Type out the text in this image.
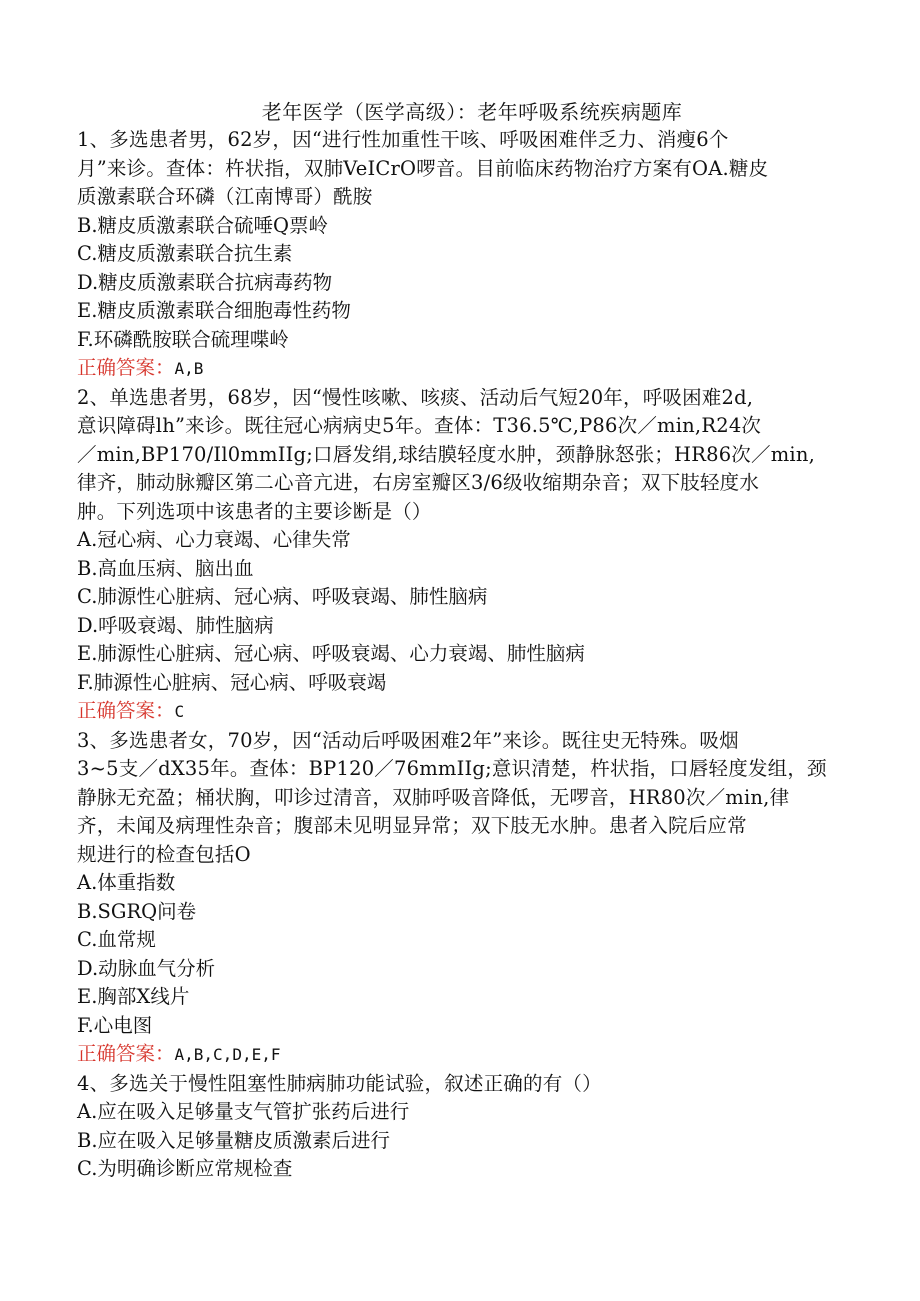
老年医学（医学高级）：老年呼吸系统疾病题库
1、多选患者男，62岁，因“进行性加重性干咳、呼吸困难伴乏力、消瘦6个
月”来诊。查体：杵状指，双肺VeICrO啰音。目前临床药物治疗方案有OA.糖皮
质激素联合环磷（江南博哥）酰胺
B.糖皮质激素联合硫唾Q票岭
C.糖皮质激素联合抗生素
D.糖皮质激素联合抗病毒药物
E.糖皮质激素联合细胞毒性药物
F.环磷酰胺联合硫理喋岭
正确答案：A,B
2、单选患者男，68岁，因“慢性咳嗽、咳痰、活动后气短20年，呼吸困难2d,
意识障碍lh”来诊。既往冠心病病史5年。查体：T36.5℃,P86次／min,R24次
／min,BP170/Il0mmIIg;口唇发绢,球结膜轻度水肿，颈静脉怒张；HR86次／min,
律齐，肺动脉瓣区第二心音亢进，右房室瓣区3/6级收缩期杂音；双下肢轻度水
肿。下列选项中该患者的主要诊断是（）
A.冠心病、心力衰竭、心律失常
B.高血压病、脑出血
C.肺源性心脏病、冠心病、呼吸衰竭、肺性脑病
D.呼吸衰竭、肺性脑病
E.肺源性心脏病、冠心病、呼吸衰竭、心力衰竭、肺性脑病
F.肺源性心脏病、冠心病、呼吸衰竭
正确答案：C
3、多选患者女，70岁，因“活动后呼吸困难2年”来诊。既往史无特殊。吸烟
3~5支／dX35年。查体：BP120／76mmIIg;意识清楚，杵状指，口唇轻度发组，颈
静脉无充盈；桶状胸，叩诊过清音，双肺呼吸音降低，无啰音，HR80次／min,律
齐，未闻及病理性杂音；腹部未见明显异常；双下肢无水肿。患者入院后应常
规进行的检查包括O
A.体重指数
B.SGRQ问卷
C.血常规
D.动脉血气分析
E.胸部X线片
F.心电图
正确答案：A,B,C,D,E,F
4、多选关于慢性阻塞性肺病肺功能试验，叙述正确的有（）
A.应在吸入足够量支气管扩张药后进行
B.应在吸入足够量糖皮质激素后进行
C.为明确诊断应常规检查
